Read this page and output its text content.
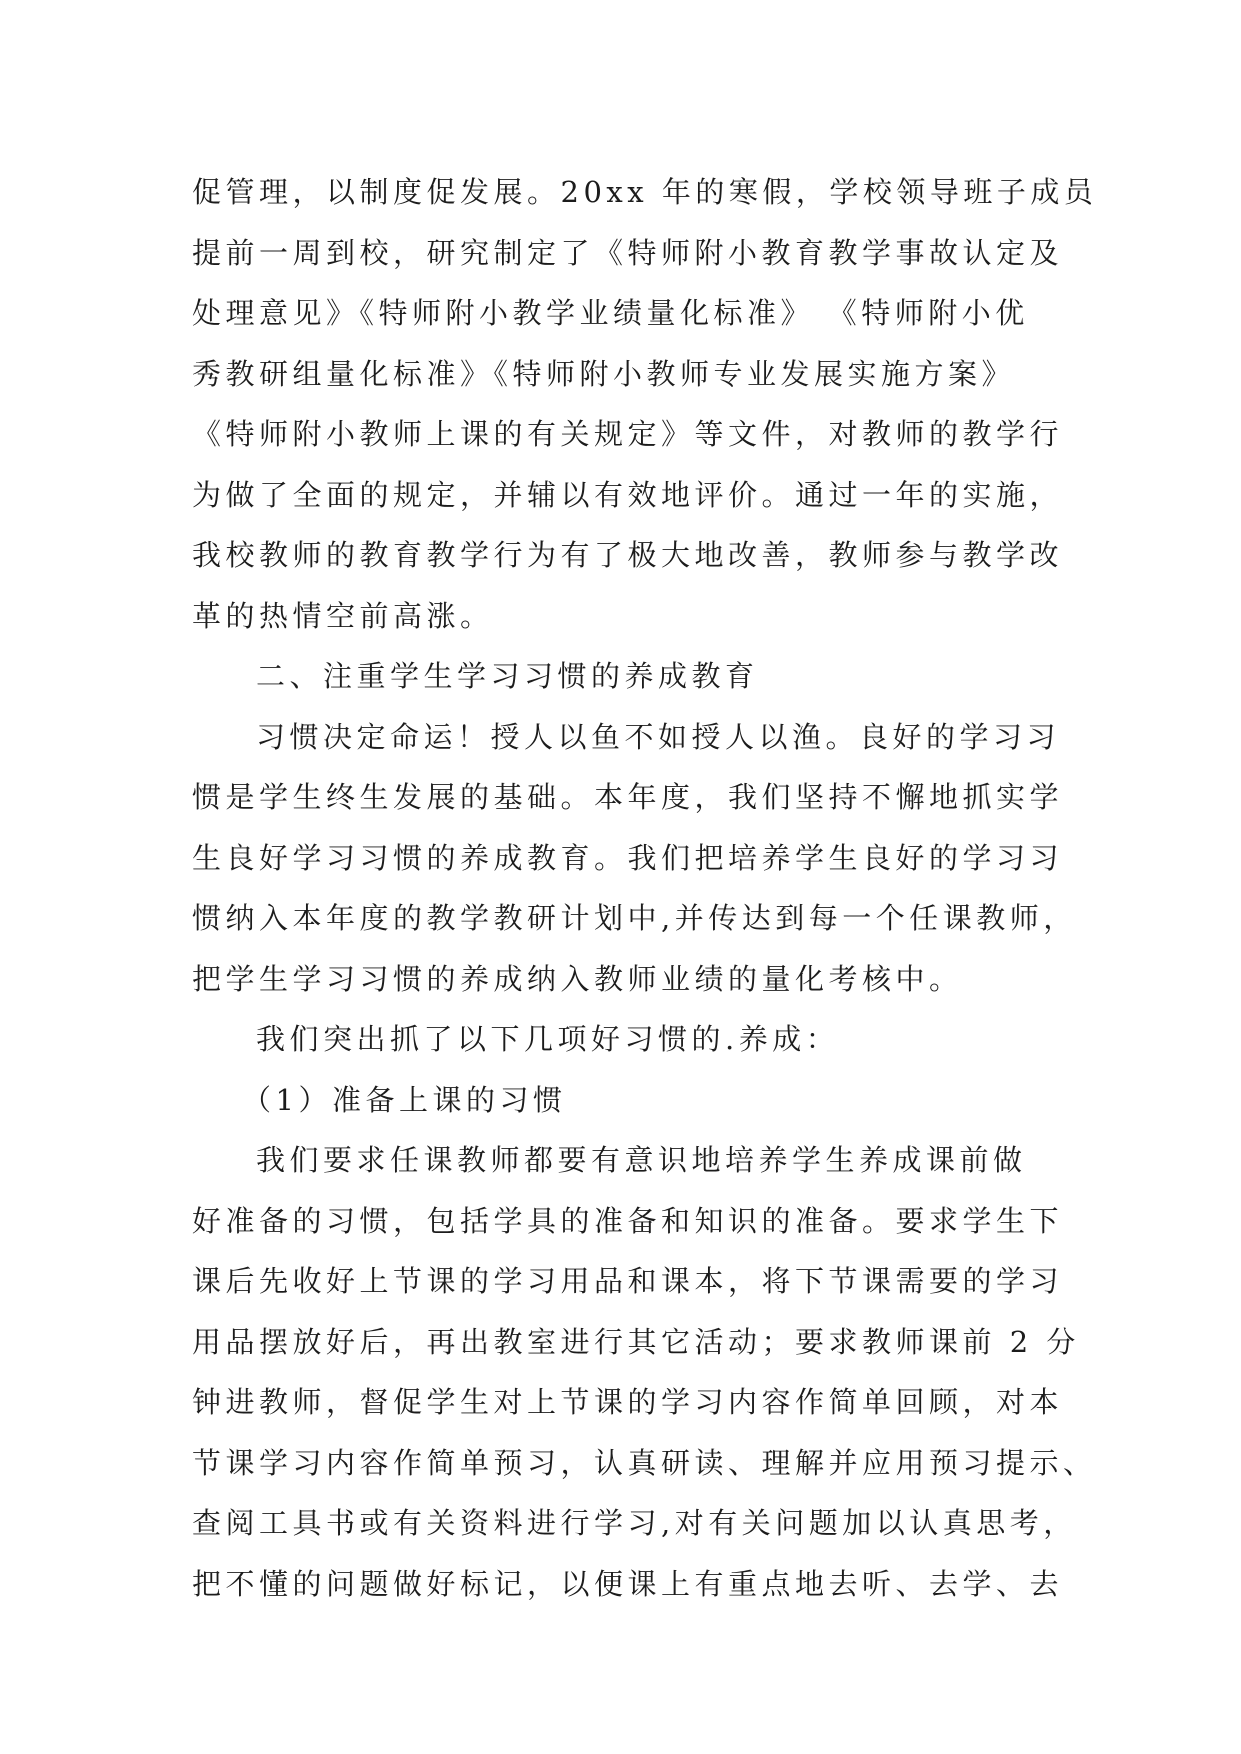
促管理，以制度促发展。20xx 年的寒假，学校领导班子成员
提前一周到校，研究制定了《特师附小教育教学事故认定及
处理意见》《特师附小教学业绩量化标准》 《特师附小优
秀教研组量化标准》《特师附小教师专业发展实施方案》
《特师附小教师上课的有关规定》等文件，对教师的教学行
为做了全面的规定，并辅以有效地评价。通过一年的实施，
我校教师的教育教学行为有了极大地改善，教师参与教学改
革的热情空前高涨。
二、注重学生学习习惯的养成教育
习惯决定命运！授人以鱼不如授人以渔。良好的学习习
惯是学生终生发展的基础。本年度，我们坚持不懈地抓实学
生良好学习习惯的养成教育。我们把培养学生良好的学习习
惯纳入本年度的教学教研计划中,并传达到每一个任课教师，
把学生学习习惯的养成纳入教师业绩的量化考核中。
我们突出抓了以下几项好习惯的.养成：
（1）准备上课的习惯
我们要求任课教师都要有意识地培养学生养成课前做
好准备的习惯，包括学具的准备和知识的准备。要求学生下
课后先收好上节课的学习用品和课本，将下节课需要的学习
用品摆放好后，再出教室进行其它活动；要求教师课前 2 分
钟进教师，督促学生对上节课的学习内容作简单回顾，对本
节课学习内容作简单预习，认真研读、理解并应用预习提示、
查阅工具书或有关资料进行学习,对有关问题加以认真思考，
把不懂的问题做好标记，以便课上有重点地去听、去学、去
